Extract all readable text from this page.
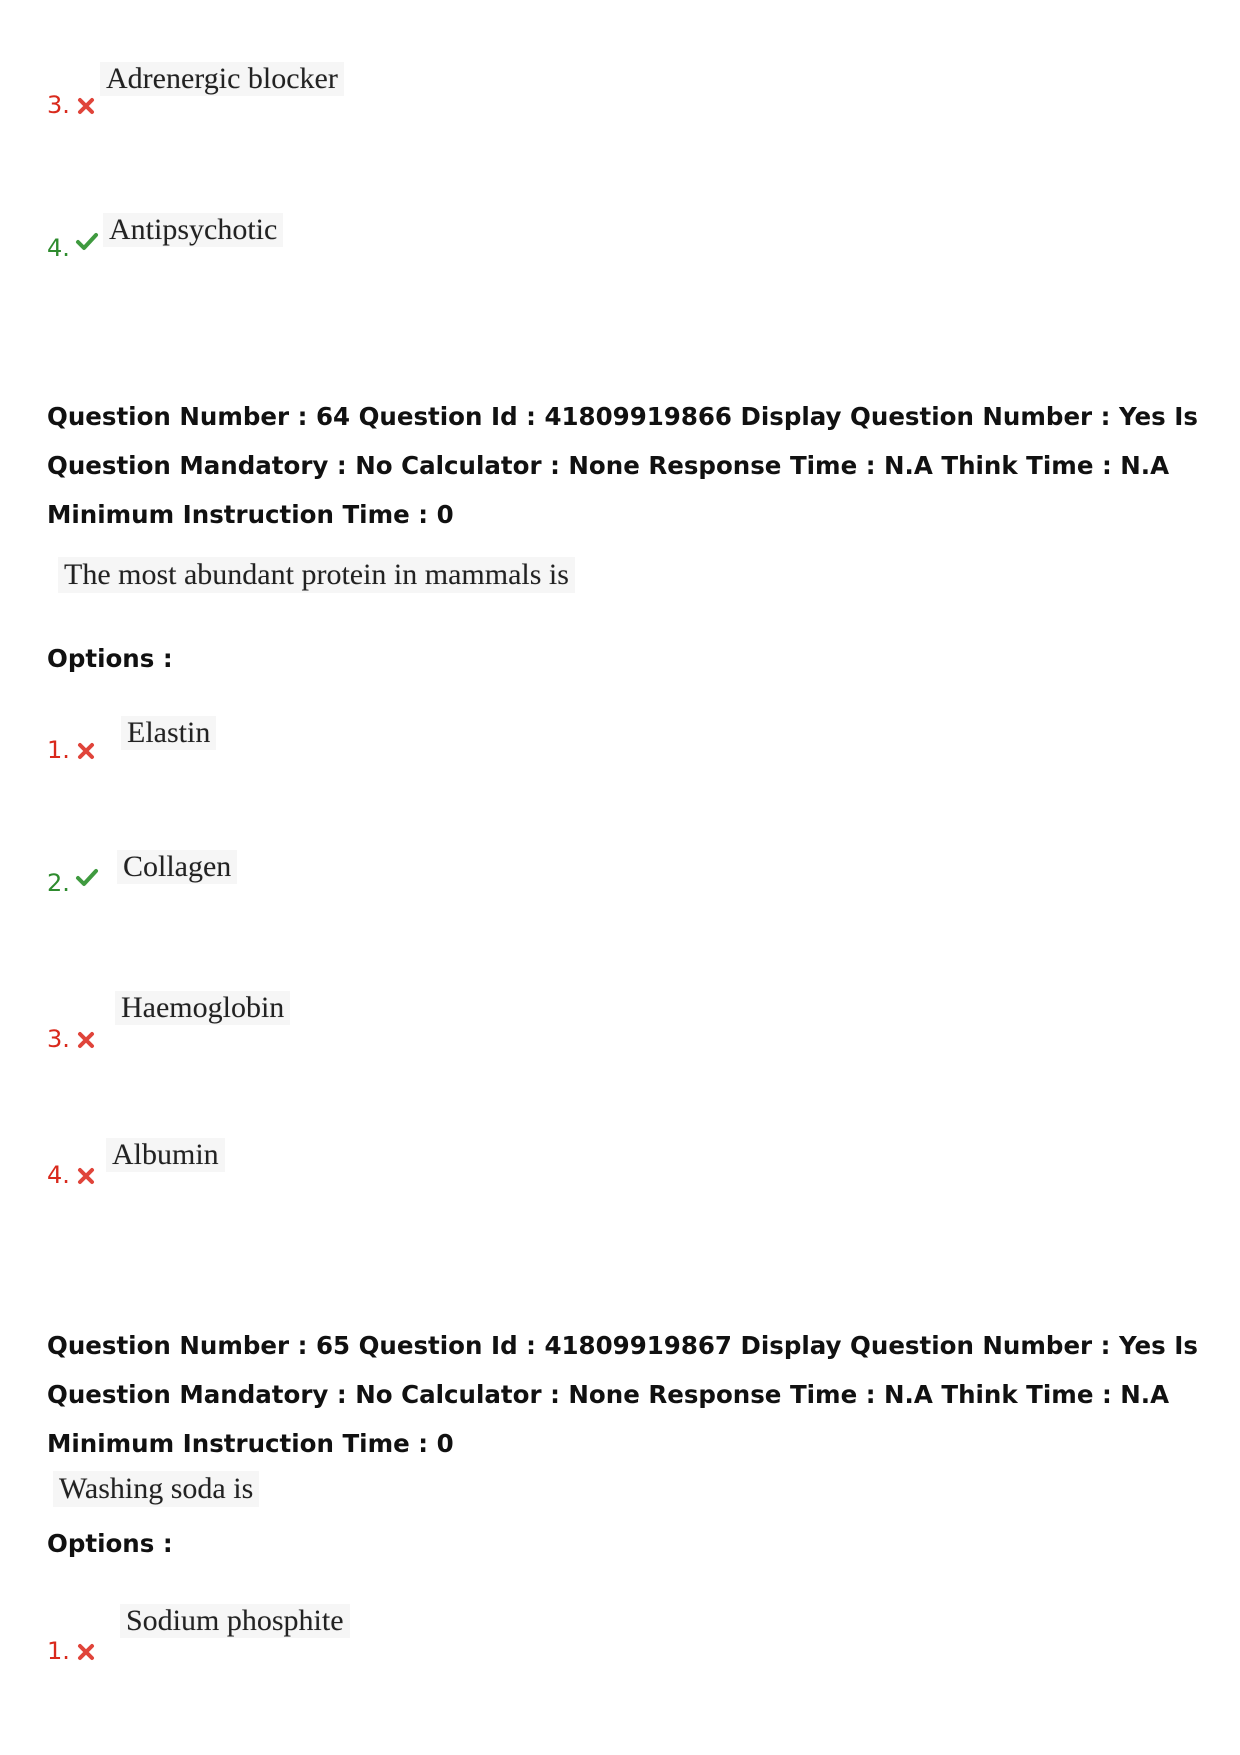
3.
Adrenergic blocker
4.
Antipsychotic

Question Number : 64 Question Id : 41809919866 Display Question Number : Yes Is Question Mandatory : No Calculator : None Response Time : N.A Think Time : N.A Minimum Instruction Time : 0

The most abundant protein in mammals is
Options :
1.
Elastin
2. Collagen
3.
Haemoglobin
4.
Albumin

Question Number : 65 Question Id : 41809919867 Display Question Number : Yes Is Question Mandatory : No Calculator : None Response Time : N.A Think Time : N.A Minimum Instruction Time : 0

Washing soda is
Options :
1.
Sodium phosphite
